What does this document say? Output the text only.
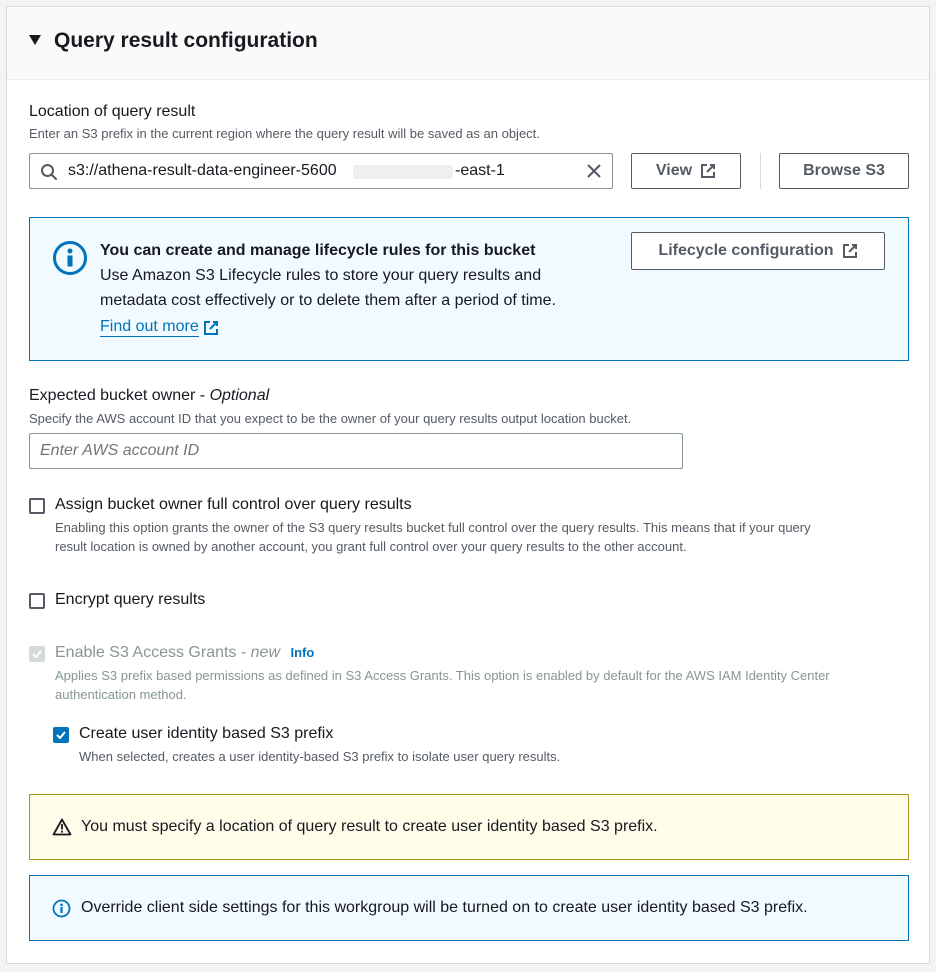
Query result configuration
Location of query result
Enter an S3 prefix in the current region where the query result will be saved as an object.
s3://athena-result-data-engineer-5600	-east-1	View	Browse S3
You can create and manage lifecycle rules for this bucket
Use Amazon S3 Lifecycle rules to store your query results and
metadata cost effectively or to delete them after a period of time.
Find out more
Lifecycle configuration
Expected bucket owner - Optional
Specify the AWS account ID that you expect to be the owner of your query results output location bucket.
Enter AWS account ID
Assign bucket owner full control over query results
Enabling this option grants the owner of the S3 query results bucket full control over the query results. This means that if your query
result location is owned by another account, you grant full control over your query results to the other account.
Encrypt query results
Enable S3 Access Grants - new Info
Applies S3 prefix based permissions as defined in S3 Access Grants. This option is enabled by default for the AWS IAM Identity Center
authentication method.
Create user identity based S3 prefix
When selected, creates a user identity-based S3 prefix to isolate user query results.
You must specify a location of query result to create user identity based S3 prefix.
Override client side settings for this workgroup will be turned on to create user identity based S3 prefix.
